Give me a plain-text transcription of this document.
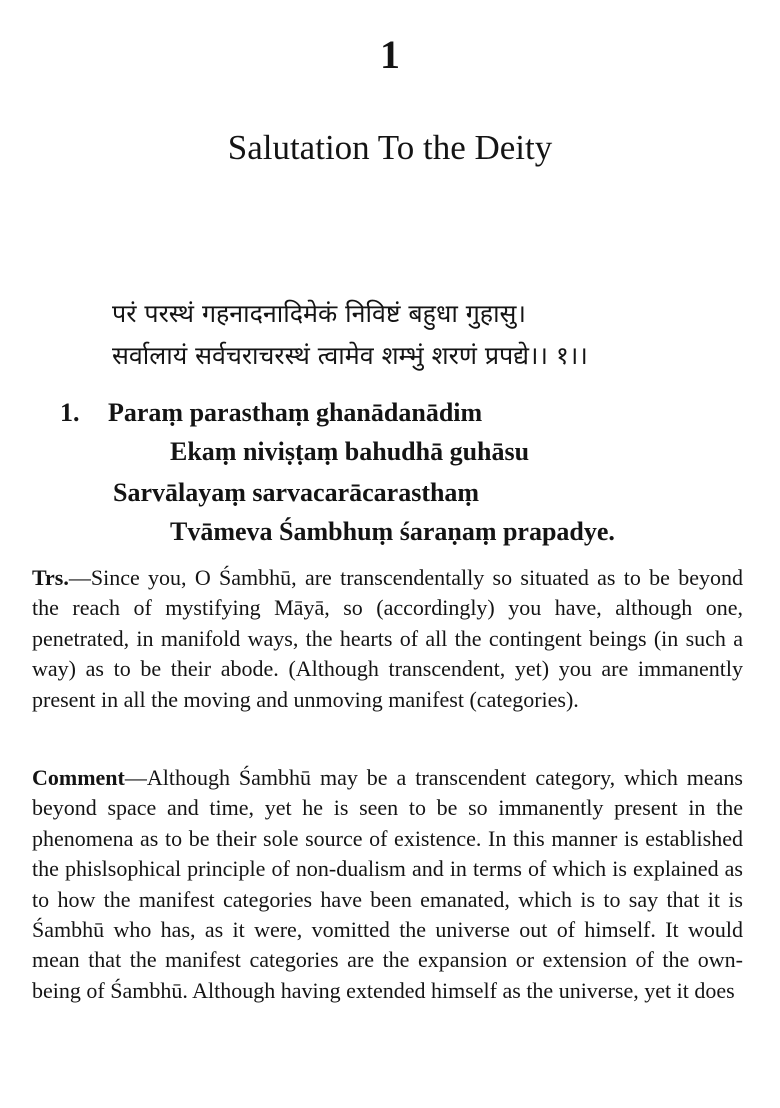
1
Salutation To the Deity
परं परस्थं गहनादनादिमेकं निविष्टं बहुधा गुहासु।
सर्वालायं सर्वचराचरस्थं त्वामेव शम्भुं शरणं प्रपद्ये।। १।।
1. Paraṃ parasthaṃ ghanādanādim
Ekaṃ niviṣṭaṃ bahudhā guhāsu
Sarvālayaṃ sarvacarācarasthaṃ
Tvāmeva Śambhuṃ śaraṇaṃ prapadye.
Trs.—Since you, O Śambhū, are transcendentally so situated as to be beyond the reach of mystifying Māyā, so (accordingly) you have, although one, penetrated, in manifold ways, the hearts of all the contingent beings (in such a way) as to be their abode. (Although transcendent, yet) you are immanently present in all the moving and unmoving manifest (categories).
Comment—Although Śambhū may be a transcendent category, which means beyond space and time, yet he is seen to be so immanently present in the phenomena as to be their sole source of existence. In this manner is established the phislsophical principle of non-dualism and in terms of which is explained as to how the manifest categories have been emanated, which is to say that it is Śambhū who has, as it were, vomitted the universe out of himself. It would mean that the manifest categories are the expansion or extension of the own-being of Śambhū. Although having extended himself as the universe, yet it does
